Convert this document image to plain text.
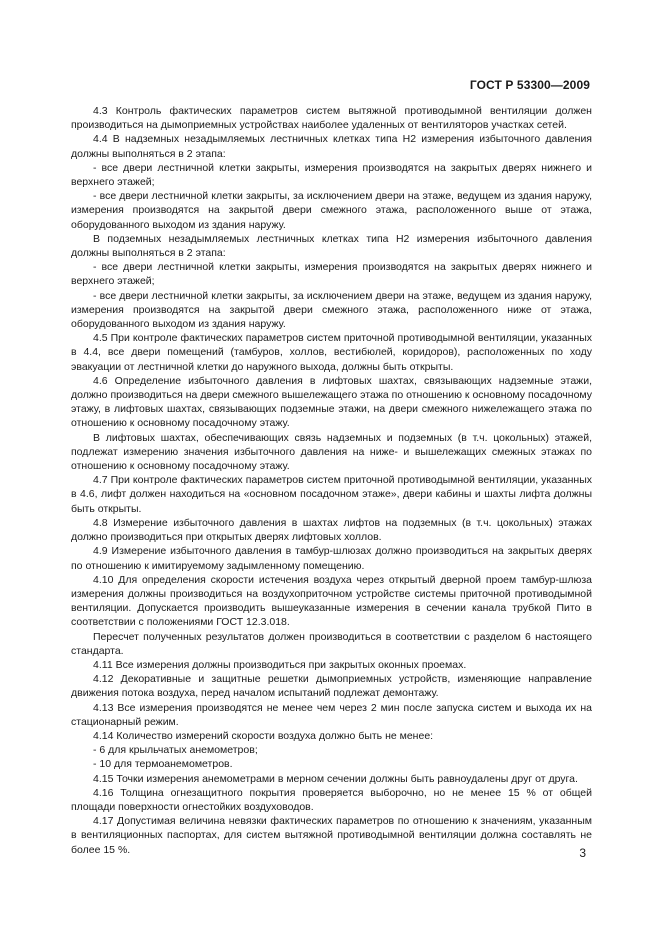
ГОСТ Р 53300—2009

4.3 Контроль фактических параметров систем вытяжной противодымной вентиляции должен производиться на дымоприемных устройствах наиболее удаленных от вентиляторов участках сетей.

4.4 В надземных незадымляемых лестничных клетках типа Н2 измерения избыточного давления должны выполняться в 2 этапа:

- все двери лестничной клетки закрыты, измерения производятся на закрытых дверях нижнего и верхнего этажей;

- все двери лестничной клетки закрыты, за исключением двери на этаже, ведущем из здания наружу, измерения производятся на закрытой двери смежного этажа, расположенного выше от этажа, оборудованного выходом из здания наружу.

В подземных незадымляемых лестничных клетках типа Н2 измерения избыточного давления должны выполняться в 2 этапа:

- все двери лестничной клетки закрыты, измерения производятся на закрытых дверях нижнего и верхнего этажей;

- все двери лестничной клетки закрыты, за исключением двери на этаже, ведущем из здания наружу, измерения производятся на закрытой двери смежного этажа, расположенного ниже от этажа, оборудованного выходом из здания наружу.

4.5 При контроле фактических параметров систем приточной противодымной вентиляции, указанных в 4.4, все двери помещений (тамбуров, холлов, вестибюлей, коридоров), расположенных по ходу эвакуации от лестничной клетки до наружного выхода, должны быть открыты.

4.6 Определение избыточного давления в лифтовых шахтах, связывающих надземные этажи, должно производиться на двери смежного вышележащего этажа по отношению к основному посадочному этажу, в лифтовых шахтах, связывающих подземные этажи, на двери смежного нижележащего этажа по отношению к основному посадочному этажу.

В лифтовых шахтах, обеспечивающих связь надземных и подземных (в т.ч. цокольных) этажей, подлежат измерению значения избыточного давления на ниже- и вышележащих смежных этажах по отношению к основному посадочному этажу.

4.7 При контроле фактических параметров систем приточной противодымной вентиляции, указанных в 4.6, лифт должен находиться на «основном посадочном этаже», двери кабины и шахты лифта должны быть открыты.

4.8 Измерение избыточного давления в шахтах лифтов на подземных (в т.ч. цокольных) этажах должно производиться при открытых дверях лифтовых холлов.

4.9 Измерение избыточного давления в тамбур-шлюзах должно производиться на закрытых дверях по отношению к имитируемому задымленному помещению.

4.10 Для определения скорости истечения воздуха через открытый дверной проем тамбур-шлюза измерения должны производиться на воздухоприточном устройстве системы приточной противодымной вентиляции. Допускается производить вышеуказанные измерения в сечении канала трубкой Пито в соответствии с положениями ГОСТ 12.3.018.

Пересчет полученных результатов должен производиться в соответствии с разделом 6 настоящего стандарта.

4.11 Все измерения должны производиться при закрытых оконных проемах.

4.12 Декоративные и защитные решетки дымоприемных устройств, изменяющие направление движения потока воздуха, перед началом испытаний подлежат демонтажу.

4.13 Все измерения производятся не менее чем через 2 мин после запуска систем и выхода их на стационарный режим.

4.14 Количество измерений скорости воздуха должно быть не менее:

- 6 для крыльчатых анемометров;

- 10 для термоанемометров.

4.15 Точки измерения анемометрами в мерном сечении должны быть равноудалены друг от друга.

4.16 Толщина огнезащитного покрытия проверяется выборочно, но не менее 15 % от общей площади поверхности огнестойких воздуховодов.

4.17 Допустимая величина невязки фактических параметров по отношению к значениям, указанным в вентиляционных паспортах, для систем вытяжной противодымной вентиляции должна составлять не более 15 %.	3
